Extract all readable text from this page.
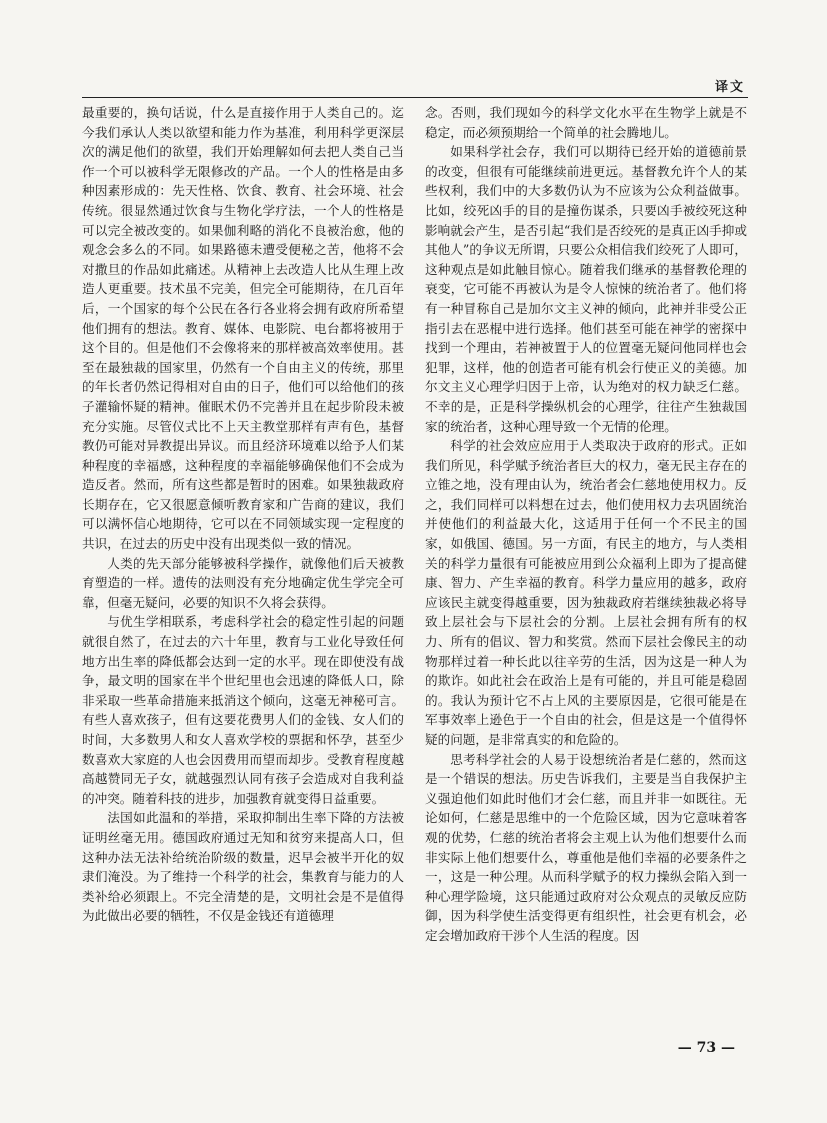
译文

最重要的，换句话说，什么是直接作用于人类自己的。迄今我们承认人类以欲望和能力作为基准，利用科学更深层次的满足他们的欲望，我们开始理解如何去把人类自己当作一个可以被科学无限修改的产品。一个人的性格是由多种因素形成的：先天性格、饮食、教育、社会环境、社会传统。很显然通过饮食与生物化学疗法，一个人的性格是可以完全被改变的。如果伽利略的消化不良被治愈，他的观念会多么的不同。如果路德未遭受便秘之苦，他将不会对撒旦的作品如此痛述。从精神上去改造人比从生理上改造人更重要。技术虽不完美，但完全可能期待，在几百年后，一个国家的每个公民在各行各业将会拥有政府所希望他们拥有的想法。教育、媒体、电影院、电台都将被用于这个目的。但是他们不会像将来的那样被高效率使用。甚至在最独裁的国家里，仍然有一个自由主义的传统，那里的年长者仍然记得相对自由的日子，他们可以给他们的孩子灌输怀疑的精神。催眠术仍不完善并且在起步阶段未被充分实施。尽管仪式比不上天主教堂那样有声有色，基督教仍可能对异教提出异议。而且经济环境难以给予人们某种程度的幸福感，这种程度的幸福能够确保他们不会成为造反者。然而，所有这些都是暂时的困难。如果独裁政府长期存在，它又很愿意倾听教育家和广告商的建议，我们可以满怀信心地期待，它可以在不同领域实现一定程度的共识，在过去的历史中没有出现类似一致的情况。

人类的先天部分能够被科学操作，就像他们后天被教育塑造的一样。遗传的法则没有充分地确定优生学完全可靠，但毫无疑问，必要的知识不久将会获得。

与优生学相联系，考虑科学社会的稳定性引起的问题就很自然了，在过去的六十年里，教育与工业化导致任何地方出生率的降低都会达到一定的水平。现在即使没有战争，最文明的国家在半个世纪里也会迅速的降低人口，除非采取一些革命措施来抵消这个倾向，这毫无神秘可言。有些人喜欢孩子，但有这要花费男人们的金钱、女人们的时间，大多数男人和女人喜欢学校的票据和怀孕，甚至少数喜欢大家庭的人也会因费用而望而却步。受教育程度越高越赞同无子女，就越强烈认同有孩子会造成对自我利益的冲突。随着科技的进步，加强教育就变得日益重要。

法国如此温和的举措，采取抑制出生率下降的方法被证明丝毫无用。德国政府通过无知和贫穷来提高人口，但这种办法无法补给统治阶级的数量，迟早会被半开化的奴隶们淹没。为了维持一个科学的社会，集教育与能力的人类补给必须跟上。不完全清楚的是，文明社会是不是值得为此做出必要的牺牲，不仅是金钱还有道德理

念。否则，我们现如今的科学文化水平在生物学上就是不稳定，而必须预期给一个简单的社会腾地儿。

如果科学社会存，我们可以期待已经开始的道德前景的改变，但很有可能继续前进更远。基督教允许个人的某些权利，我们中的大多数仍认为不应该为公众利益做事。比如，绞死凶手的目的是撞伤谋杀，只要凶手被绞死这种影响就会产生，是否引起“我们是否绞死的是真正凶手抑或其他人”的争议无所谓，只要公众相信我们绞死了人即可，这种观点是如此触目惊心。随着我们继承的基督教伦理的衰变，它可能不再被认为是令人惊悚的统治者了。他们将有一种冒称自己是加尔文主义神的倾向，此神并非受公正指引去在恶棍中进行选择。他们甚至可能在神学的密探中找到一个理由，若神被置于人的位置毫无疑问他同样也会犯罪，这样，他的创造者可能有机会行使正义的美德。加尔文主义心理学归因于上帝，认为绝对的权力缺乏仁慈。不幸的是，正是科学操纵机会的心理学，往往产生独裁国家的统治者，这种心理导致一个无情的伦理。

科学的社会效应应用于人类取决于政府的形式。正如我们所见，科学赋予统治者巨大的权力，毫无民主存在的立锥之地，没有理由认为，统治者会仁慈地使用权力。反之，我们同样可以料想在过去，他们使用权力去巩固统治并使他们的利益最大化，这适用于任何一个不民主的国家，如俄国、德国。另一方面，有民主的地方，与人类相关的科学力量很有可能被应用到公众福利上即为了提高健康、智力、产生幸福的教育。科学力量应用的越多，政府应该民主就变得越重要，因为独裁政府若继续独裁必将导致上层社会与下层社会的分割。上层社会拥有所有的权力、所有的倡议、智力和奖赏。然而下层社会像民主的动物那样过着一种长此以往辛劳的生活，因为这是一种人为的欺诈。如此社会在政治上是有可能的，并且可能是稳固的。我认为预计它不占上风的主要原因是，它很可能是在军事效率上逊色于一个自由的社会，但是这是一个值得怀疑的问题，是非常真实的和危险的。

思考科学社会的人易于设想统治者是仁慈的，然而这是一个错误的想法。历史告诉我们，主要是当自我保护主义强迫他们如此时他们才会仁慈，而且并非一如既往。无论如何，仁慈是思维中的一个危险区域，因为它意味着客观的优势，仁慈的统治者将会主观上认为他们想要什么而非实际上他们想要什么，尊重他是他们幸福的必要条件之一，这是一种公理。从而科学赋予的权力操纵会陷入到一种心理学险境，这只能通过政府对公众观点的灵敏反应防御，因为科学使生活变得更有组织性，社会更有机会，必定会增加政府干涉个人生活的程度。因

— 73 —
